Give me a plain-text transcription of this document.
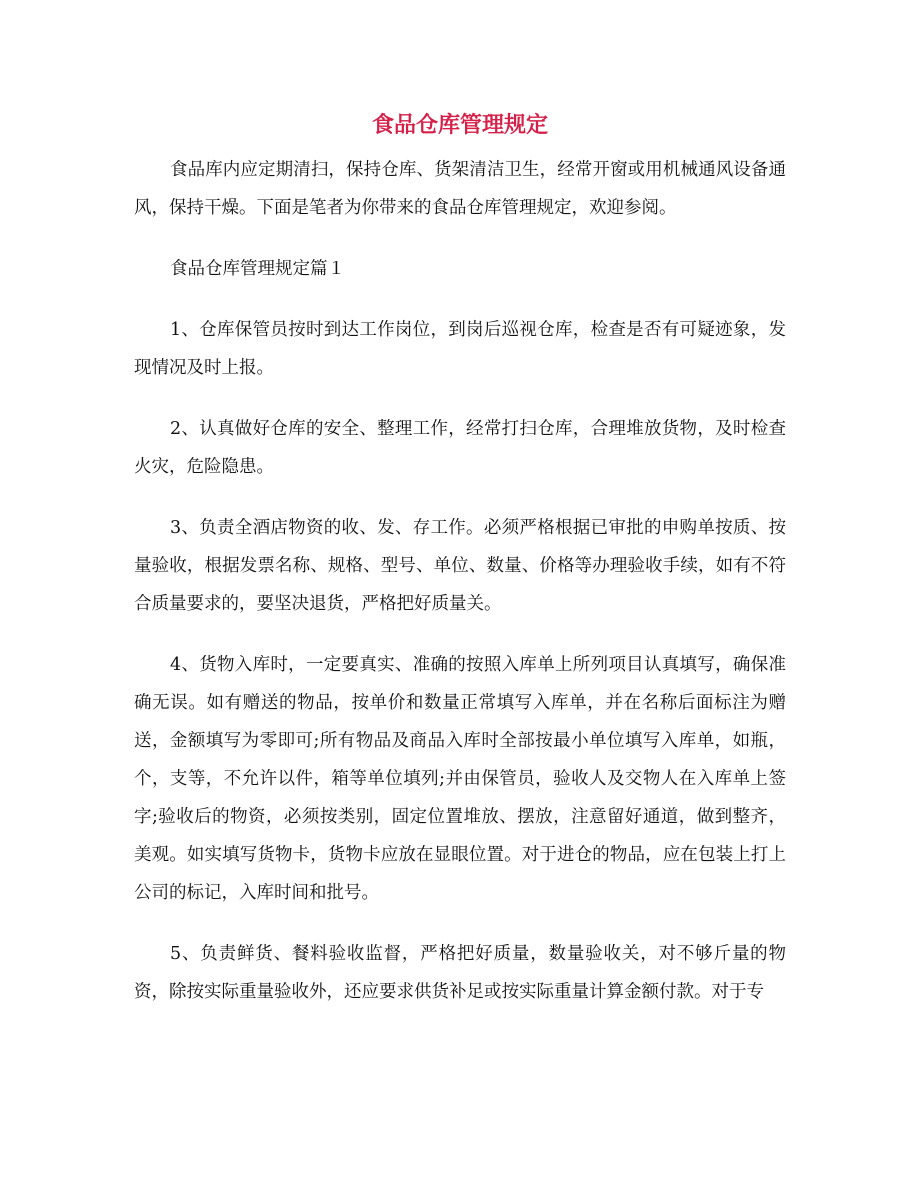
食品仓库管理规定

食品库内应定期清扫，保持仓库、货架清洁卫生，经常开窗或用机械通风设备通风，保持干燥。下面是笔者为你带来的食品仓库管理规定，欢迎参阅。

食品仓库管理规定篇１

1、仓库保管员按时到达工作岗位，到岗后巡视仓库，检查是否有可疑迹象，发现情况及时上报。

2、认真做好仓库的安全、整理工作，经常打扫仓库，合理堆放货物，及时检查火灾，危险隐患。

3、负责全酒店物资的收、发、存工作。必须严格根据已审批的申购单按质、按量验收，根据发票名称、规格、型号、单位、数量、价格等办理验收手续，如有不符合质量要求的，要坚决退货，严格把好质量关。

4、货物入库时，一定要真实、准确的按照入库单上所列项目认真填写，确保准确无误。如有赠送的物品，按单价和数量正常填写入库单，并在名称后面标注为赠送，金额填写为零即可;所有物品及商品入库时全部按最小单位填写入库单，如瓶，个，支等，不允许以件，箱等单位填列;并由保管员，验收人及交物人在入库单上签字;验收后的物资，必须按类别，固定位置堆放、摆放，注意留好通道，做到整齐，美观。如实填写货物卡，货物卡应放在显眼位置。对于进仓的物品，应在包装上打上公司的标记，入库时间和批号。

5、负责鲜货、餐料验收监督，严格把好质量，数量验收关，对不够斤量的物资，除按实际重量验收外，还应要求供货补足或按实际重量计算金额付款。对于专
